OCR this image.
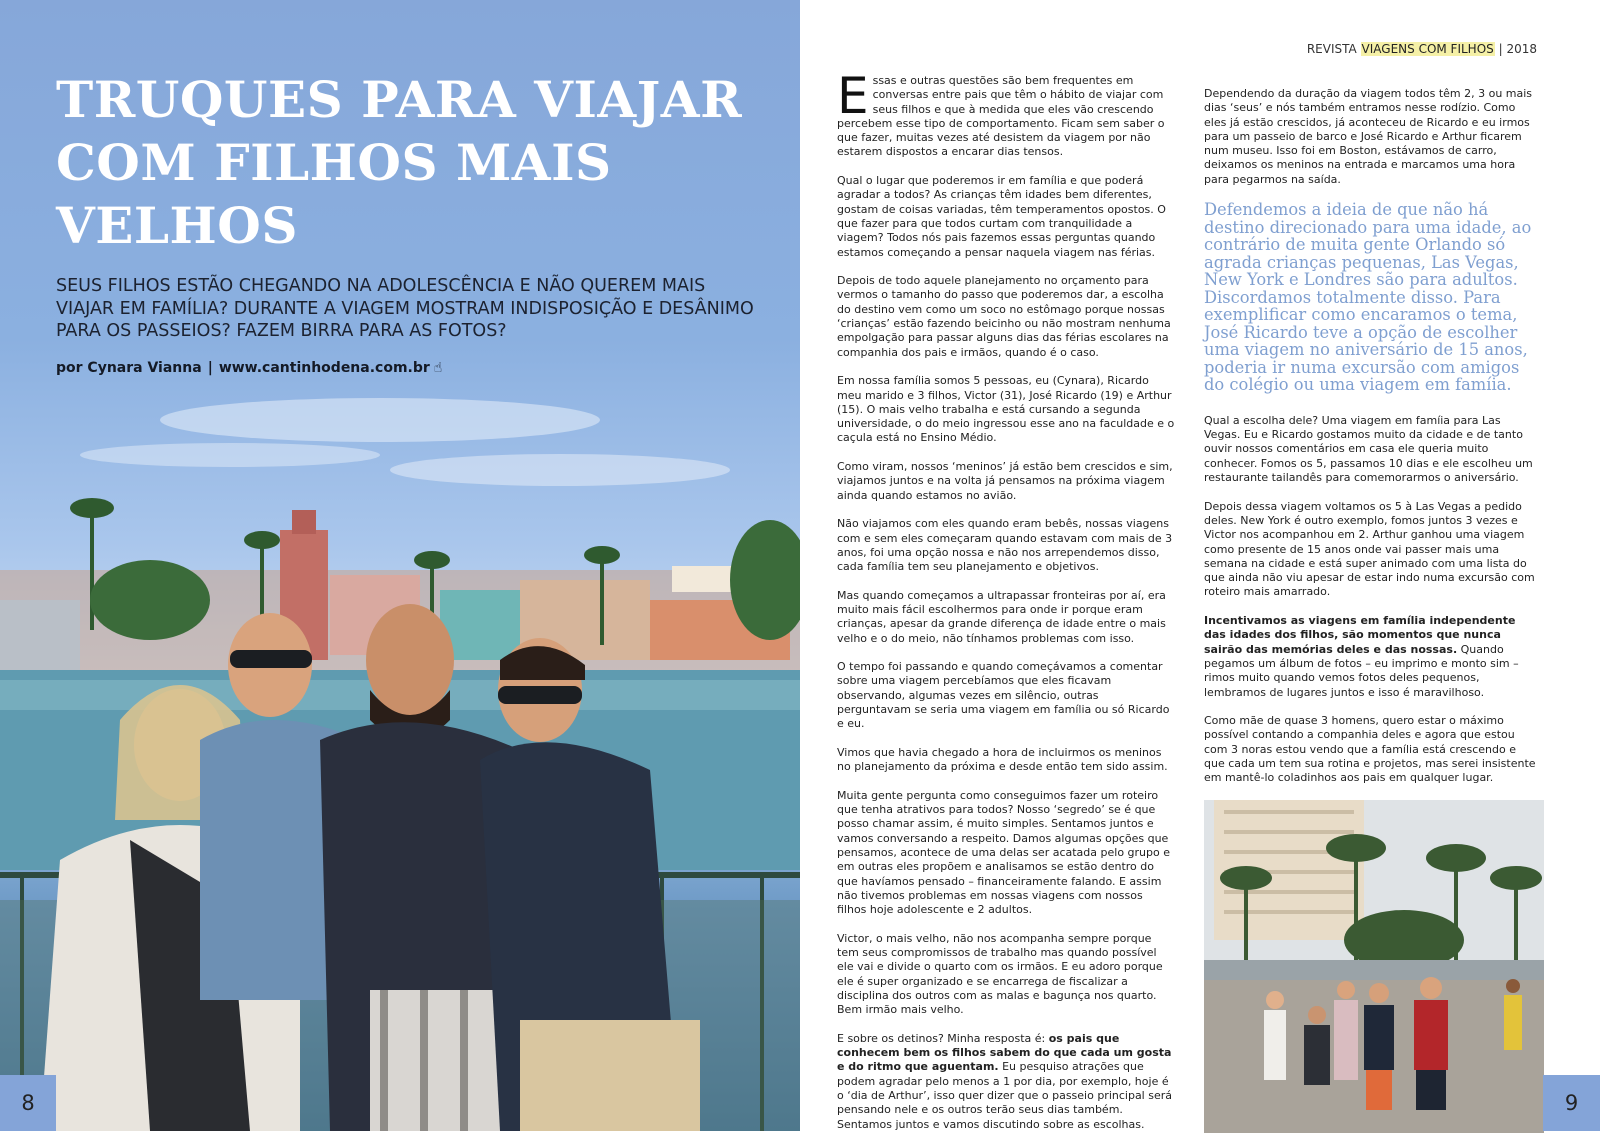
TRUQUES PARA VIAJAR
COM FILHOS MAIS
VELHOS

SEUS FILHOS ESTÃO CHEGANDO NA ADOLESCÊNCIA E NÃO QUEREM MAIS VIAJAR EM FAMÍLIA? DURANTE A VIAGEM MOSTRAM INDISPOSIÇÃO E DESÂNIMO PARA OS PASSEIOS? FAZEM BIRRA PARA AS FOTOS?

por Cynara Vianna | www.cantinhodena.com.br ☝
8
REVISTA VIAGENS COM FILHOS | 2018

Essas e outras questões são bem frequentes em conversas entre pais que têm o hábito de viajar com seus filhos e que à medida que eles vão crescendo percebem esse tipo de comportamento. Ficam sem saber o que fazer, muitas vezes até desistem da viagem por não estarem dispostos a encarar dias tensos.

Qual o lugar que poderemos ir em família e que poderá agradar a todos? As crianças têm idades bem diferentes, gostam de coisas variadas, têm temperamentos opostos. O que fazer para que todos curtam com tranquilidade a viagem? Todos nós pais fazemos essas perguntas quando estamos começando a pensar naquela viagem nas férias.

Depois de todo aquele planejamento no orçamento para vermos o tamanho do passo que poderemos dar, a escolha do destino vem como um soco no estômago porque nossas ‘crianças’ estão fazendo beicinho ou não mostram nenhuma empolgação para passar alguns dias das férias escolares na companhia dos pais e irmãos, quando é o caso.

Em nossa família somos 5 pessoas, eu (Cynara), Ricardo meu marido e 3 filhos, Victor (31), José Ricardo (19) e Arthur (15). O mais velho trabalha e está cursando a segunda universidade, o do meio ingressou esse ano na faculdade e o caçula está no Ensino Médio.

Como viram, nossos ‘meninos’ já estão bem crescidos e sim, viajamos juntos e na volta já pensamos na próxima viagem ainda quando estamos no avião.

Não viajamos com eles quando eram bebês, nossas viagens com e sem eles começaram quando estavam com mais de 3 anos, foi uma opção nossa e não nos arrependemos disso, cada família tem seu planejamento e objetivos.

Mas quando começamos a ultrapassar fronteiras por aí, era muito mais fácil escolhermos para onde ir porque eram crianças, apesar da grande diferença de idade entre o mais velho e o do meio, não tínhamos problemas com isso.

O tempo foi passando e quando começávamos a comentar sobre uma viagem percebíamos que eles ficavam observando, algumas vezes em silêncio, outras perguntavam se seria uma viagem em família ou só Ricardo e eu.

Vimos que havia chegado a hora de incluirmos os meninos no planejamento da próxima e desde então tem sido assim.

Muita gente pergunta como conseguimos fazer um roteiro que tenha atrativos para todos? Nosso ‘segredo’ se é que posso chamar assim, é muito simples. Sentamos juntos e vamos conversando a respeito. Damos algumas opções que pensamos, acontece de uma delas ser acatada pelo grupo e em outras eles propõem e analisamos se estão dentro do que havíamos pensado – financeiramente falando. E assim não tivemos problemas em nossas viagens com nossos filhos hoje adolescente e 2 adultos.

Victor, o mais velho, não nos acompanha sempre porque tem seus compromissos de trabalho mas quando possível ele vai e divide o quarto com os irmãos. E eu adoro porque ele é super organizado e se encarrega de fiscalizar a disciplina dos outros com as malas e bagunça nos quarto. Bem irmão mais velho.

E sobre os detinos? Minha resposta é: os pais que conhecem bem os filhos sabem do que cada um gosta e do ritmo que aguentam. Eu pesquiso atrações que podem agradar pelo menos a 1 por dia, por exemplo, hoje é o ‘dia de Arthur’, isso quer dizer que o passeio principal será pensando nele e os outros terão seus dias também. Sentamos juntos e vamos discutindo sobre as escolhas.

Dependendo da duração da viagem todos têm 2, 3 ou mais dias ‘seus’ e nós também entramos nesse rodízio. Como eles já estão crescidos, já aconteceu de Ricardo e eu irmos para um passeio de barco e José Ricardo e Arthur ficarem num museu. Isso foi em Boston, estávamos de carro, deixamos os meninos na entrada e marcamos uma hora para pegarmos na saída.

Defendemos a ideia de que não há destino direcionado para uma idade, ao contrário de muita gente Orlando só agrada crianças pequenas, Las Vegas, New York e Londres são para adultos. Discordamos totalmente disso. Para exemplificar como encaramos o tema, José Ricardo teve a opção de escolher uma viagem no aniversário de 15 anos, poderia ir numa excursão com amigos do colégio ou uma viagem em famíia.

Qual a escolha dele? Uma viagem em famíia para Las Vegas. Eu e Ricardo gostamos muito da cidade e de tanto ouvir nossos comentários em casa ele queria muito conhecer. Fomos os 5, passamos 10 dias e ele escolheu um restaurante tailandês para comemorarmos o aniversário.

Depois dessa viagem voltamos os 5 à Las Vegas a pedido deles. New York é outro exemplo, fomos juntos 3 vezes e Victor nos acompanhou em 2. Arthur ganhou uma viagem como presente de 15 anos onde vai passer mais uma semana na cidade e está super animado com uma lista do que ainda não viu apesar de estar indo numa excursão com roteiro mais amarrado.

Incentivamos as viagens em família independente das idades dos filhos, são momentos que nunca sairão das memórias deles e das nossas. Quando pegamos um álbum de fotos – eu imprimo e monto sim – rimos muito quando vemos fotos deles pequenos, lembramos de lugares juntos e isso é maravilhoso.

Como mãe de quase 3 homens, quero estar o máximo possível contando a companhia deles e agora que estou com 3 noras estou vendo que a família está crescendo e que cada um tem sua rotina e projetos, mas serei insistente em mantê-lo coladinhos aos pais em qualquer lugar.

9
